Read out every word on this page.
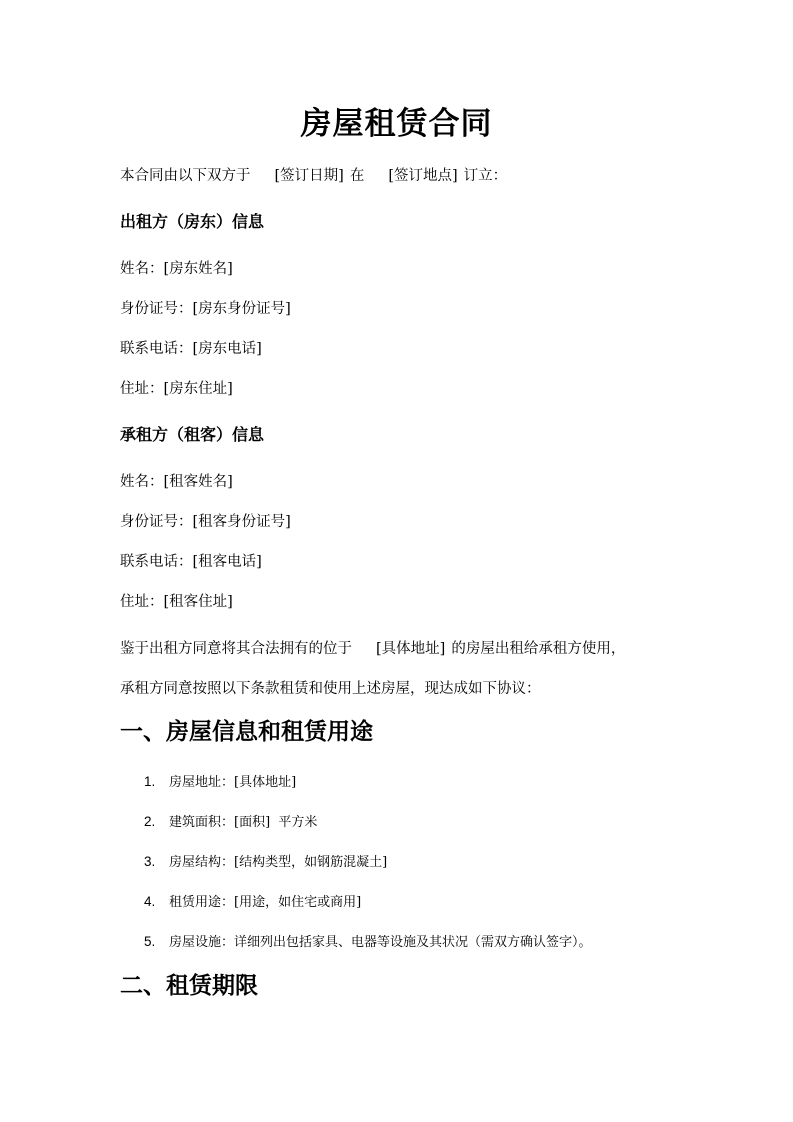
房屋租赁合同
本合同由以下双方于 [签订日期] 在 [签订地点] 订立：
出租方（房东）信息
姓名：[房东姓名]
身份证号：[房东身份证号]
联系电话：[房东电话]
住址：[房东住址]
承租方（租客）信息
姓名：[租客姓名]
身份证号：[租客身份证号]
联系电话：[租客电话]
住址：[租客住址]
鉴于出租方同意将其合法拥有的位于 [具体地址] 的房屋出租给承租方使用，
承租方同意按照以下条款租赁和使用上述房屋，现达成如下协议：
一、房屋信息和租赁用途
1. 房屋地址：[具体地址]
2. 建筑面积：[面积]  平方米
3. 房屋结构：[结构类型，如钢筋混凝土]
4. 租赁用途：[用途，如住宅或商用]
5. 房屋设施：详细列出包括家具、电器等设施及其状况（需双方确认签字）。
二、租赁期限
